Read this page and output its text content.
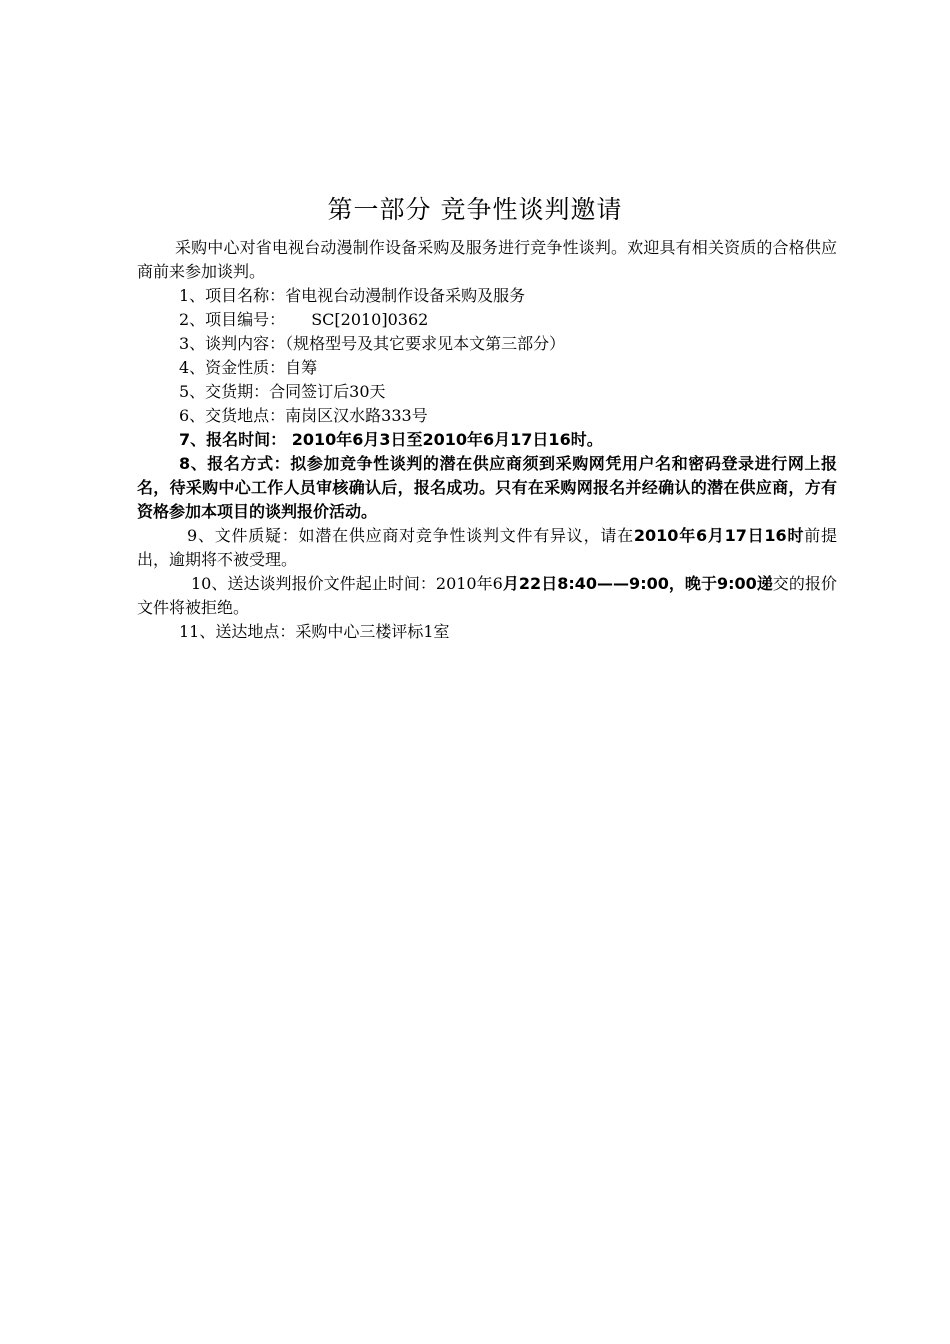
第一部分 竞争性谈判邀请

采购中心对省电视台动漫制作设备采购及服务进行竞争性谈判。欢迎具有相关资质的合格供应商前来参加谈判。

1、项目名称：省电视台动漫制作设备采购及服务

2、项目编号： SC[2010]0362

3、谈判内容：（规格型号及其它要求见本文第三部分）

4、资金性质：自筹

5、交货期：合同签订后30天

6、交货地点：南岗区汉水路333号

7、报名时间： 2010年6月3日至2010年6月17日16时。

8、报名方式：拟参加竞争性谈判的潜在供应商须到采购网凭用户名和密码登录进行网上报名，待采购中心工作人员审核确认后，报名成功。只有在采购网报名并经确认的潜在供应商，方有资格参加本项目的谈判报价活动。

9、文件质疑：如潜在供应商对竞争性谈判文件有异议，请在2010年6月17日16时前提出，逾期将不被受理。

10、送达谈判报价文件起止时间：2010年6月22日8:40——9:00，晚于9:00递交的报价文件将被拒绝。

11、送达地点：采购中心三楼评标1室
